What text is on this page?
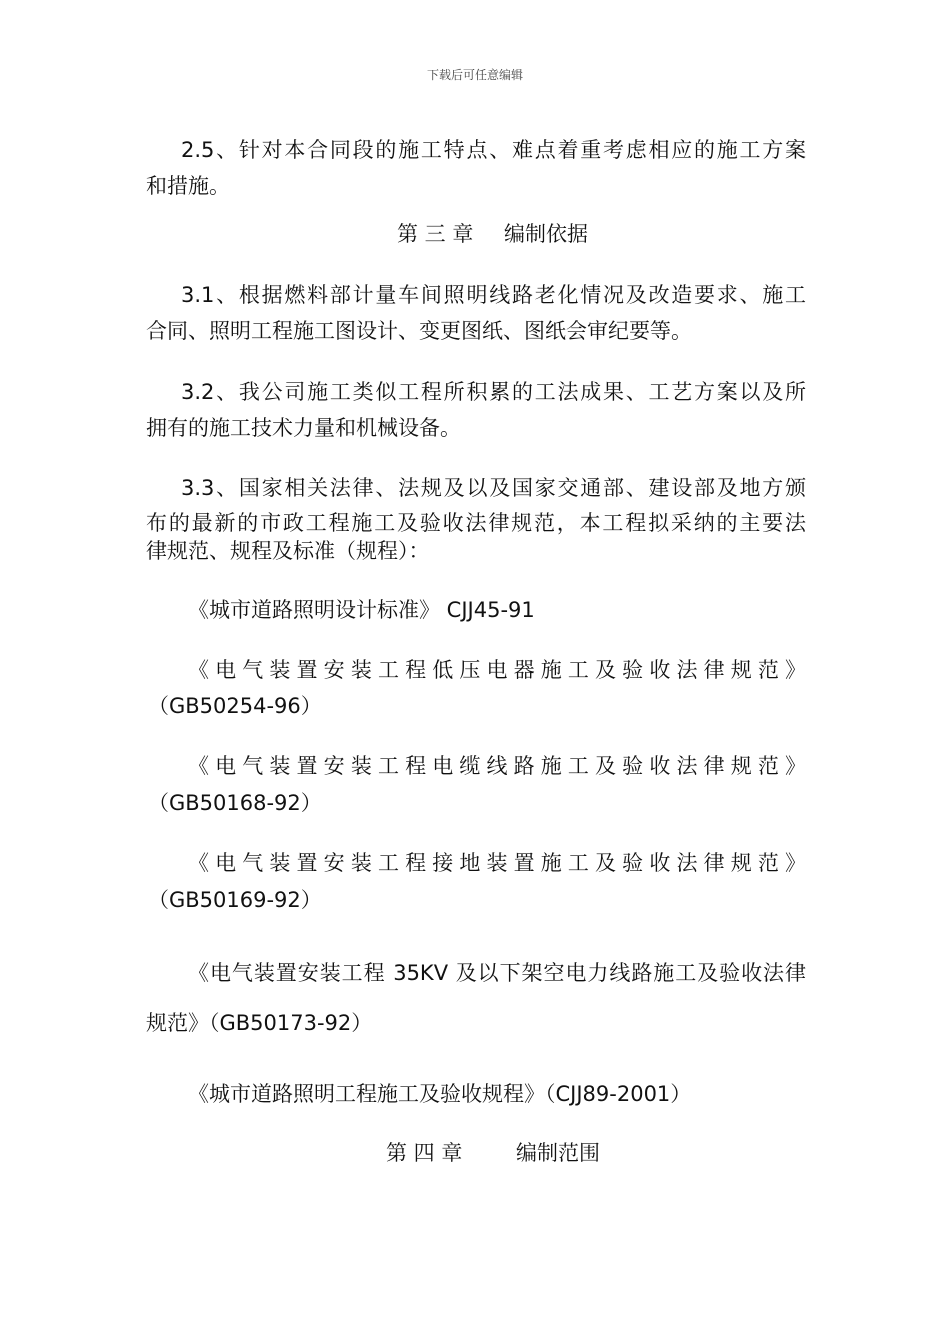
下载后可任意编辑
2.5、针对本合同段的施工特点、难点着重考虑相应的施工方案
和措施。
第 三 章 编制依据
3.1、根据燃料部计量车间照明线路老化情况及改造要求、施工
合同、照明工程施工图设计、变更图纸、图纸会审纪要等。
3.2、我公司施工类似工程所积累的工法成果、工艺方案以及所
拥有的施工技术力量和机械设备。
3.3、国家相关法律、法规及以及国家交通部、建设部及地方颁
布的最新的市政工程施工及验收法律规范，本工程拟采纳的主要法
律规范、规程及标准（规程）：
《城市道路照明设计标准》 CJJ45-91
《电气装置安装工程低压电器施工及验收法律规范》
（GB50254-96）
《电气装置安装工程电缆线路施工及验收法律规范》
（GB50168-92）
《电气装置安装工程接地装置施工及验收法律规范》
（GB50169-92）
《电气装置安装工程 35KV 及以下架空电力线路施工及验收法律
规范》（GB50173-92）
《城市道路照明工程施工及验收规程》（CJJ89-2001）
第 四 章	编制范围
